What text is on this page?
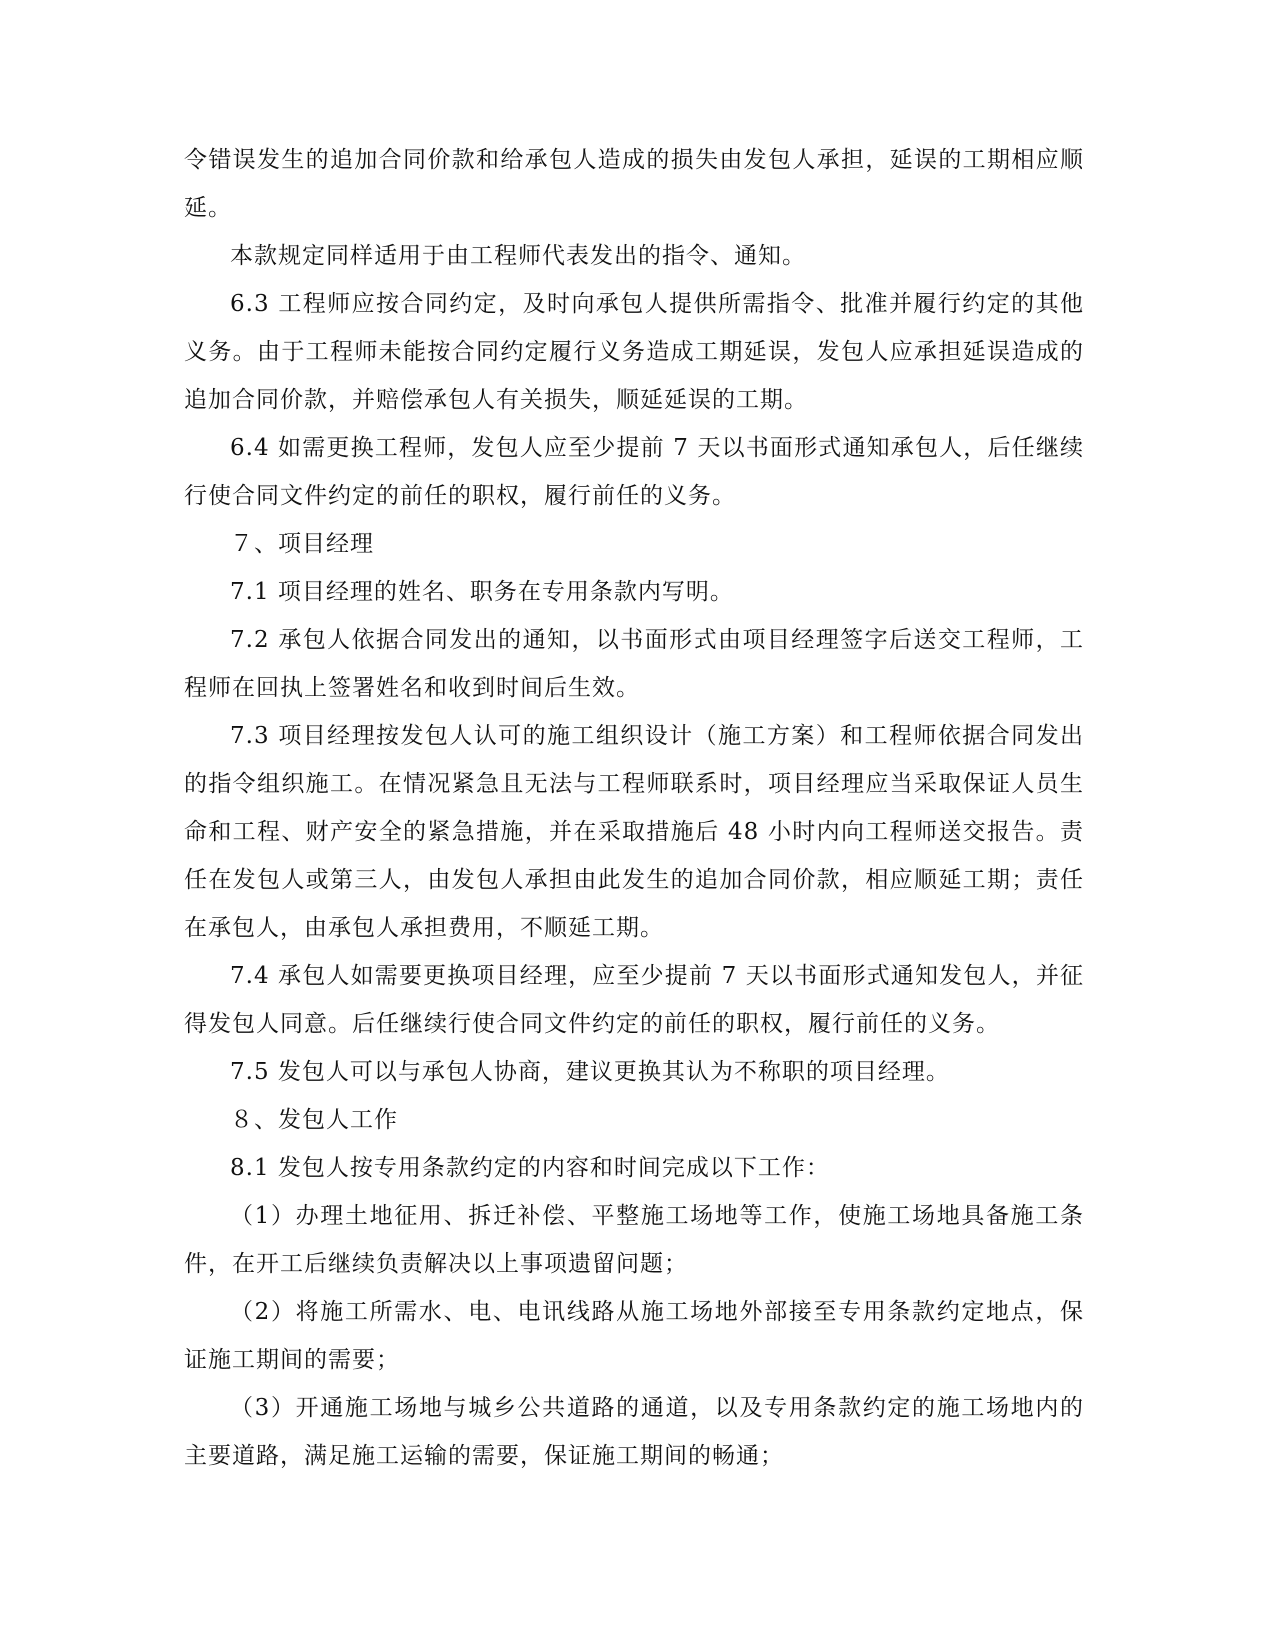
令错误发生的追加合同价款和给承包人造成的损失由发包人承担，延误的工期相应顺延。

本款规定同样适用于由工程师代表发出的指令、通知。

6.3 工程师应按合同约定，及时向承包人提供所需指令、批准并履行约定的其他义务。由于工程师未能按合同约定履行义务造成工期延误，发包人应承担延误造成的追加合同价款，并赔偿承包人有关损失，顺延延误的工期。

6.4 如需更换工程师，发包人应至少提前 7 天以书面形式通知承包人，后任继续行使合同文件约定的前任的职权，履行前任的义务。

７、项目经理

7.1 项目经理的姓名、职务在专用条款内写明。

7.2 承包人依据合同发出的通知，以书面形式由项目经理签字后送交工程师，工程师在回执上签署姓名和收到时间后生效。

7.3 项目经理按发包人认可的施工组织设计（施工方案）和工程师依据合同发出的指令组织施工。在情况紧急且无法与工程师联系时，项目经理应当采取保证人员生命和工程、财产安全的紧急措施，并在采取措施后 48 小时内向工程师送交报告。责任在发包人或第三人，由发包人承担由此发生的追加合同价款，相应顺延工期；责任在承包人，由承包人承担费用，不顺延工期。

7.4 承包人如需要更换项目经理，应至少提前 7 天以书面形式通知发包人，并征得发包人同意。后任继续行使合同文件约定的前任的职权，履行前任的义务。

7.5 发包人可以与承包人协商，建议更换其认为不称职的项目经理。

８、发包人工作

8.1 发包人按专用条款约定的内容和时间完成以下工作：

（1）办理土地征用、拆迁补偿、平整施工场地等工作，使施工场地具备施工条件，在开工后继续负责解决以上事项遗留问题；

（2）将施工所需水、电、电讯线路从施工场地外部接至专用条款约定地点，保证施工期间的需要；

（3）开通施工场地与城乡公共道路的通道，以及专用条款约定的施工场地内的主要道路，满足施工运输的需要，保证施工期间的畅通；
